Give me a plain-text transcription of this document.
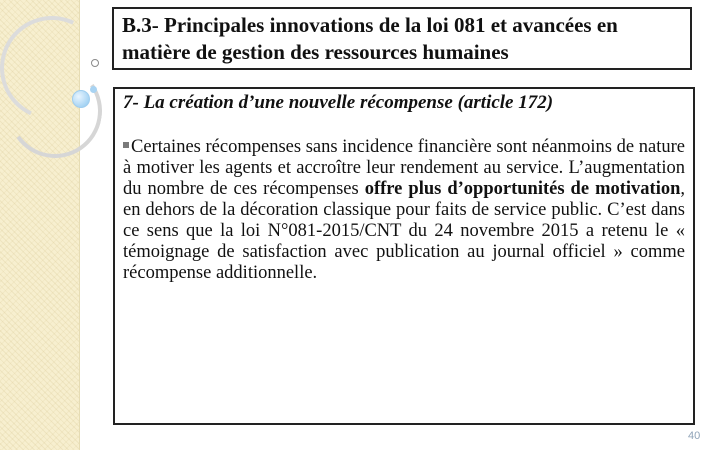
B.3- Principales innovations de la loi 081 et avancées en matière de gestion des ressources humaines

7- La création d’une nouvelle récompense (article 172)

Certaines récompenses sans incidence financière sont néanmoins de nature à motiver les agents et accroître leur rendement au service. L’augmentation du nombre de ces récompenses offre plus d’opportunités de motivation, en dehors de la décoration classique pour faits de service public. C’est dans ce sens que la loi N°081-2015/CNT du 24 novembre 2015 a retenu le « témoignage de satisfaction avec publication au journal officiel » comme récompense additionnelle.

40
